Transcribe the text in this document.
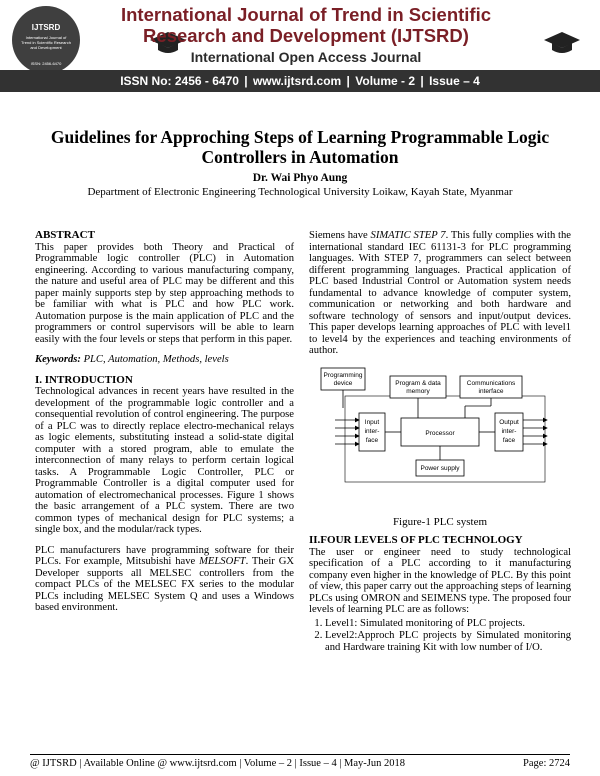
IJTSRD
International Journal of Trend in Scientific Research and Development
ISSN: 2456-6470
International Journal of Trend in Scientific Research and Development (IJTSRD)
International Open Access Journal
ISSN No: 2456 - 6470 | www.ijtsrd.com | Volume - 2 | Issue – 4
Guidelines for Approching Steps of Learning Programmable Logic Controllers in Automation
Dr. Wai Phyo Aung
Department of Electronic Engineering Technological University Loikaw, Kayah State, Myanmar
ABSTRACT

This paper provides both Theory and Practical of Programmable logic controller (PLC) in Automation engineering. According to various manufacturing company, the nature and useful area of PLC may be different and this paper mainly supports step by step approaching methods to be familiar with what is PLC and how PLC work. Automation purpose is the main application of PLC and the programmers or control supervisors will be able to learn easily with the four levels or steps that perform in this paper.

Keywords: PLC, Automation, Methods, levels

I. INTRODUCTION

Technological advances in recent years have resulted in the development of the programmable logic controller and a consequential revolution of control engineering. The purpose of a PLC was to directly replace electro-mechanical relays as logic elements, substituting instead a solid-state digital computer with a stored program, able to emulate the interconnection of many relays to perform certain logical tasks. A Programmable Logic Controller, PLC or Programmable Controller is a digital computer used for automation of electromechanical processes. Figure 1 shows the basic arrangement of a PLC system. There are two common types of mechanical design for PLC systems; a single box, and the modular/rack types.

PLC manufacturers have programming software for their PLCs. For example, Mitsubishi have MELSOFT. Their GX Developer supports all MELSEC controllers from the compact PLCs of the MELSEC FX series to the modular PLCs including MELSEC System Q and uses a Windows based environment.

Siemens have SIMATIC STEP 7. This fully complies with the international standard IEC 61131-3 for PLC programming languages. With STEP 7, programmers can select between different programming languages. Practical application of PLC based Industrial Control or Automation system needs fundamental to advance knowledge of computer system, communication or networking and both hardware and software technology of sensors and input/output devices. This paper develops learning approaches of PLC with level1 to level4 by the experiences and teaching environments of author.

Programming
device	Program & data
memory
Communications
interface
Input
inter-
face
Processor
Output
inter-
face
Power supply
Figure-1 PLC system
II.FOUR LEVELS OF PLC TECHNOLOGY

The user or engineer need to study technological specification of a PLC according to it manufacturing company even higher in the knowledge of PLC. By this point of view, this paper carry out the approaching steps of learning PLCs using OMRON and SEIMENS type. The proposed four levels of learning PLC are as follows:

1. Level1: Simulated monitoring of PLC projects.
2. Level2:Approch PLC projects by Simulated monitoring and Hardware training Kit with low number of I/O.
@ IJTSRD | Available Online @ www.ijtsrd.com | Volume – 2 | Issue – 4 | May-Jun 2018	Page: 2724
